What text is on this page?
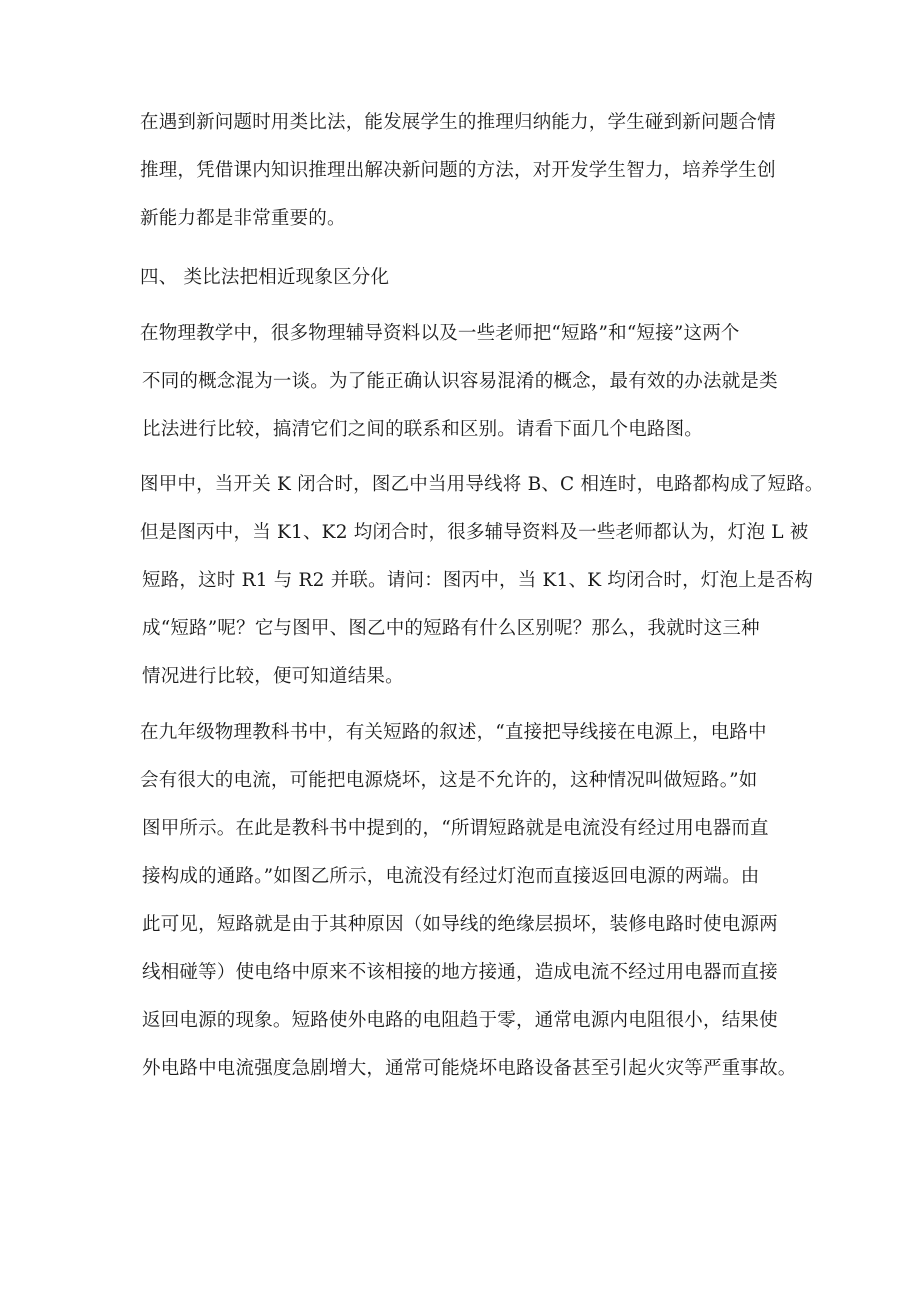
在遇到新问题时用类比法，能发展学生的推理归纳能力，学生碰到新问题合情
推理，凭借课内知识推理出解决新问题的方法，对开发学生智力，培养学生创
新能力都是非常重要的。
四、 类比法把相近现象区分化
在物理教学中，很多物理辅导资料以及一些老师把“短路”和“短接”这两个
不同的概念混为一谈。为了能正确认识容易混淆的概念，最有效的办法就是类
比法进行比较，搞清它们之间的联系和区别。请看下面几个电路图。
图甲中，当开关 K 闭合时，图乙中当用导线将 B、C 相连时，电路都构成了短路。
但是图丙中，当 K1、K2 均闭合时，很多辅导资料及一些老师都认为，灯泡 L 被
短路，这时 R1 与 R2 并联。请问：图丙中，当 K1、K 均闭合时，灯泡上是否构
成“短路”呢？它与图甲、图乙中的短路有什么区别呢？那么，我就时这三种
情况进行比较，便可知道结果。
在九年级物理教科书中，有关短路的叙述，“直接把导线接在电源上，电路中
会有很大的电流，可能把电源烧坏，这是不允许的，这种情况叫做短路。”如
图甲所示。在此是教科书中提到的，“所谓短路就是电流没有经过用电器而直
接构成的通路。”如图乙所示，电流没有经过灯泡而直接返回电源的两端。由
此可见，短路就是由于其种原因（如导线的绝缘层损坏，装修电路时使电源两
线相碰等）使电络中原来不该相接的地方接通，造成电流不经过用电器而直接
返回电源的现象。短路使外电路的电阻趋于零，通常电源内电阻很小，结果使
外电路中电流强度急剧增大，通常可能烧坏电路设备甚至引起火灾等严重事故。
